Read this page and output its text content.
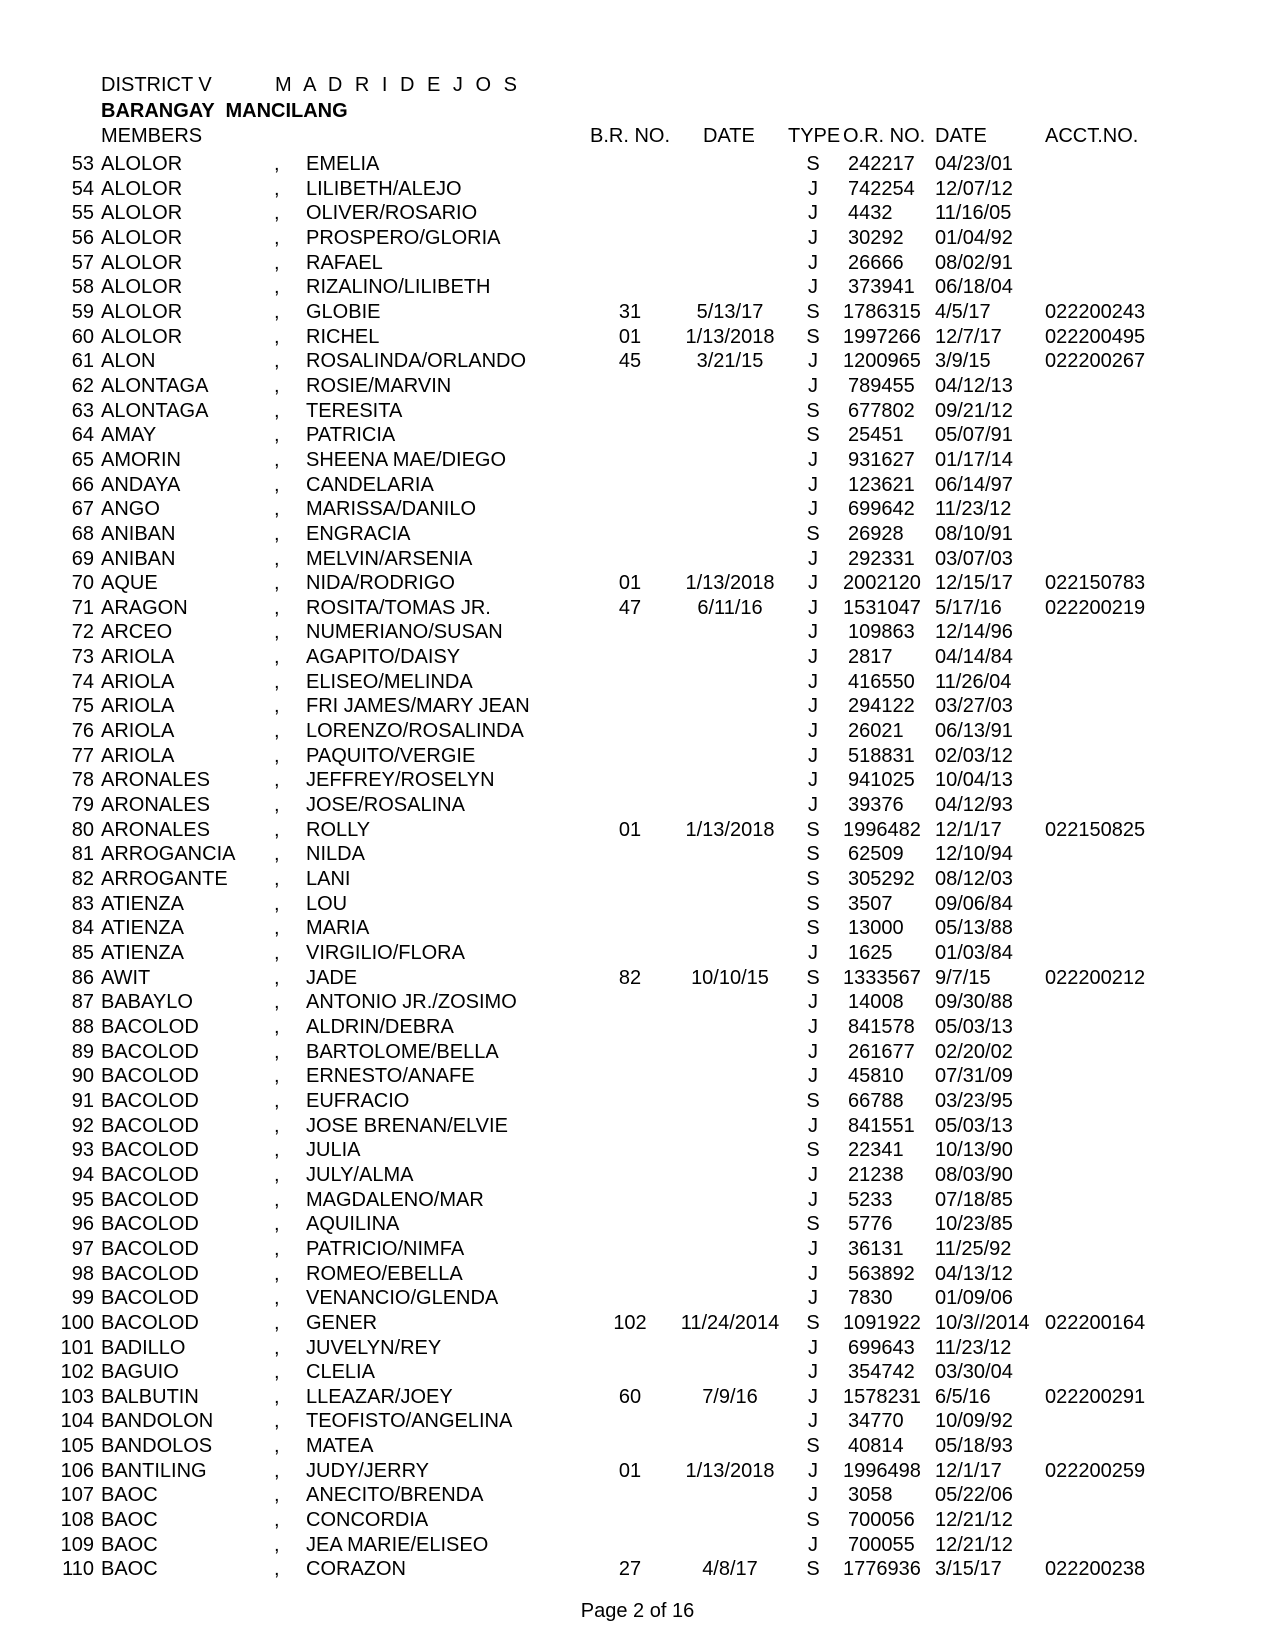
DISTRICT V	M A D R I D E J O S
BARANGAY  MANCILANG
MEMBERS	B.R. NO. DATE TYPE O.R. NO. DATE	ACCT.NO.
53 ALOLOR	, EMELIA	S 242217 04/23/01
54 ALOLOR	, LILIBETH/ALEJO	J	742254 12/07/12
55 ALOLOR	, OLIVER/ROSARIO	J	4432 11/16/05
56 ALOLOR	, PROSPERO/GLORIA	J	30292 01/04/92
57 ALOLOR	, RAFAEL	J	26666 08/02/91
58 ALOLOR	, RIZALINO/LILIBETH	J	373941 06/18/04
59 ALOLOR	, GLOBIE	31	5/13/17	S 1786315 4/5/17	022200243
60 ALOLOR	, RICHEL	01	1/13/2018	S 1997266 12/7/17 022200495
61 ALON	, ROSALINDA/ORLANDO	45	3/21/15	J	1200965 3/9/15	022200267
62 ALONTAGA	, ROSIE/MARVIN	J	789455 04/12/13
63 ALONTAGA	, TERESITA	S 677802 09/21/12
64 AMAY	, PATRICIA	S 25451 05/07/91
65 AMORIN	, SHEENA MAE/DIEGO	J	931627 01/17/14
66 ANDAYA	, CANDELARIA	J	123621 06/14/97
67 ANGO	, MARISSA/DANILO	J	699642 11/23/12
68 ANIBAN	, ENGRACIA	S 26928 08/10/91
69 ANIBAN	, MELVIN/ARSENIA	J	292331 03/07/03
70 AQUE	, NIDA/RODRIGO	01	1/13/2018	J	2002120 12/15/17 022150783
71 ARAGON	, ROSITA/TOMAS JR.	47	6/11/16	J	1531047 5/17/16 022200219
72 ARCEO	, NUMERIANO/SUSAN	J	109863 12/14/96
73 ARIOLA	, AGAPITO/DAISY	J	2817 04/14/84
74 ARIOLA	, ELISEO/MELINDA	J	416550 11/26/04
75 ARIOLA	, FRI JAMES/MARY JEAN	J	294122 03/27/03
76 ARIOLA	, LORENZO/ROSALINDA	J	26021 06/13/91
77 ARIOLA	, PAQUITO/VERGIE	J	518831 02/03/12
78 ARONALES	, JEFFREY/ROSELYN	J	941025 10/04/13
79 ARONALES	, JOSE/ROSALINA	J	39376 04/12/93
80 ARONALES	, ROLLY	01	1/13/2018	S 1996482 12/1/17 022150825
81 ARROGANCIA , NILDA	S 62509 12/10/94
82 ARROGANTE , LANI	S 305292 08/12/03
83 ATIENZA	, LOU	S 3507 09/06/84
84 ATIENZA	, MARIA	S 13000 05/13/88
85 ATIENZA	, VIRGILIO/FLORA	J	1625 01/03/84
86 AWIT	, JADE	82	10/10/15	S 1333567 9/7/15	022200212
87 BABAYLO	, ANTONIO JR./ZOSIMO	J	14008 09/30/88
88 BACOLOD	, ALDRIN/DEBRA	J	841578 05/03/13
89 BACOLOD	, BARTOLOME/BELLA	J	261677 02/20/02
90 BACOLOD	, ERNESTO/ANAFE	J	45810 07/31/09
91 BACOLOD	, EUFRACIO	S 66788 03/23/95
92 BACOLOD	, JOSE BRENAN/ELVIE	J	841551 05/03/13
93 BACOLOD	, JULIA	S 22341 10/13/90
94 BACOLOD	, JULY/ALMA	J	21238 08/03/90
95 BACOLOD	, MAGDALENO/MAR	J	5233 07/18/85
96 BACOLOD	, AQUILINA	S 5776 10/23/85
97 BACOLOD	, PATRICIO/NIMFA	J	36131 11/25/92
98 BACOLOD	, ROMEO/EBELLA	J	563892 04/13/12
99 BACOLOD	, VENANCIO/GLENDA	J	7830 01/09/06
100 BACOLOD	, GENER	102	11/24/2014 S 1091922 10/3//2014 022200164
101 BADILLO	, JUVELYN/REY	J	699643 11/23/12
102 BAGUIO	, CLELIA	J	354742 03/30/04
103 BALBUTIN	, LLEAZAR/JOEY	60	7/9/16	J	1578231 6/5/16	022200291
104 BANDOLON	, TEOFISTO/ANGELINA	J	34770 10/09/92
105 BANDOLOS	, MATEA	S 40814 05/18/93
106 BANTILING	, JUDY/JERRY	01	1/13/2018	J	1996498 12/1/17 022200259
107 BAOC	, ANECITO/BRENDA	J	3058 05/22/06
108 BAOC	, CONCORDIA	S 700056 12/21/12
109 BAOC	, JEA MARIE/ELISEO	J	700055 12/21/12
110 BAOC	, CORAZON	27	4/8/17	S 1776936 3/15/17 022200238
Page 2 of 16
